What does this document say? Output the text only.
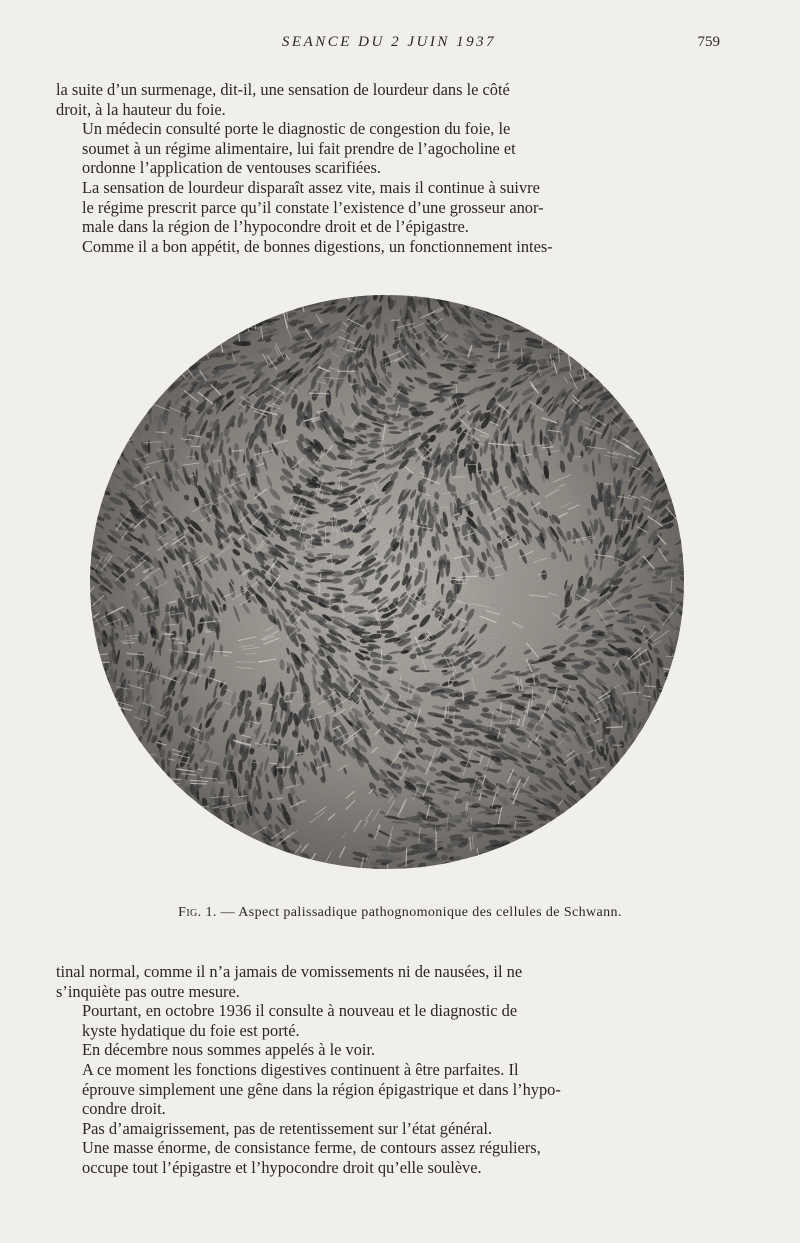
SEANCE DU 2 JUIN 1937	759

la suite d’un surmenage, dit-il, une sensation de lourdeur dans le côté
droit, à la hauteur du foie.

Un médecin consulté porte le diagnostic de congestion du foie, le
soumet à un régime alimentaire, lui fait prendre de l’agocholine et
ordonne l’application de ventouses scarifiées.

La sensation de lourdeur disparaît assez vite, mais il continue à suivre
le régime prescrit parce qu’il constate l’existence d’une grosseur anor-
male dans la région de l’hypocondre droit et de l’épigastre.

Comme il a bon appétit, de bonnes digestions, un fonctionnement intes-

Fig. 1. — Aspect palissadique pathognomonique des cellules de Schwann.

tinal normal, comme il n’a jamais de vomissements ni de nausées, il ne
s’inquiète pas outre mesure.

Pourtant, en octobre 1936 il consulte à nouveau et le diagnostic de
kyste hydatique du foie est porté.

En décembre nous sommes appelés à le voir.

A ce moment les fonctions digestives continuent à être parfaites. Il
éprouve simplement une gêne dans la région épigastrique et dans l’hypo-
condre droit.

Pas d’amaigrissement, pas de retentissement sur l’état général.

Une masse énorme, de consistance ferme, de contours assez réguliers,
occupe tout l’épigastre et l’hypocondre droit qu’elle soulève.
